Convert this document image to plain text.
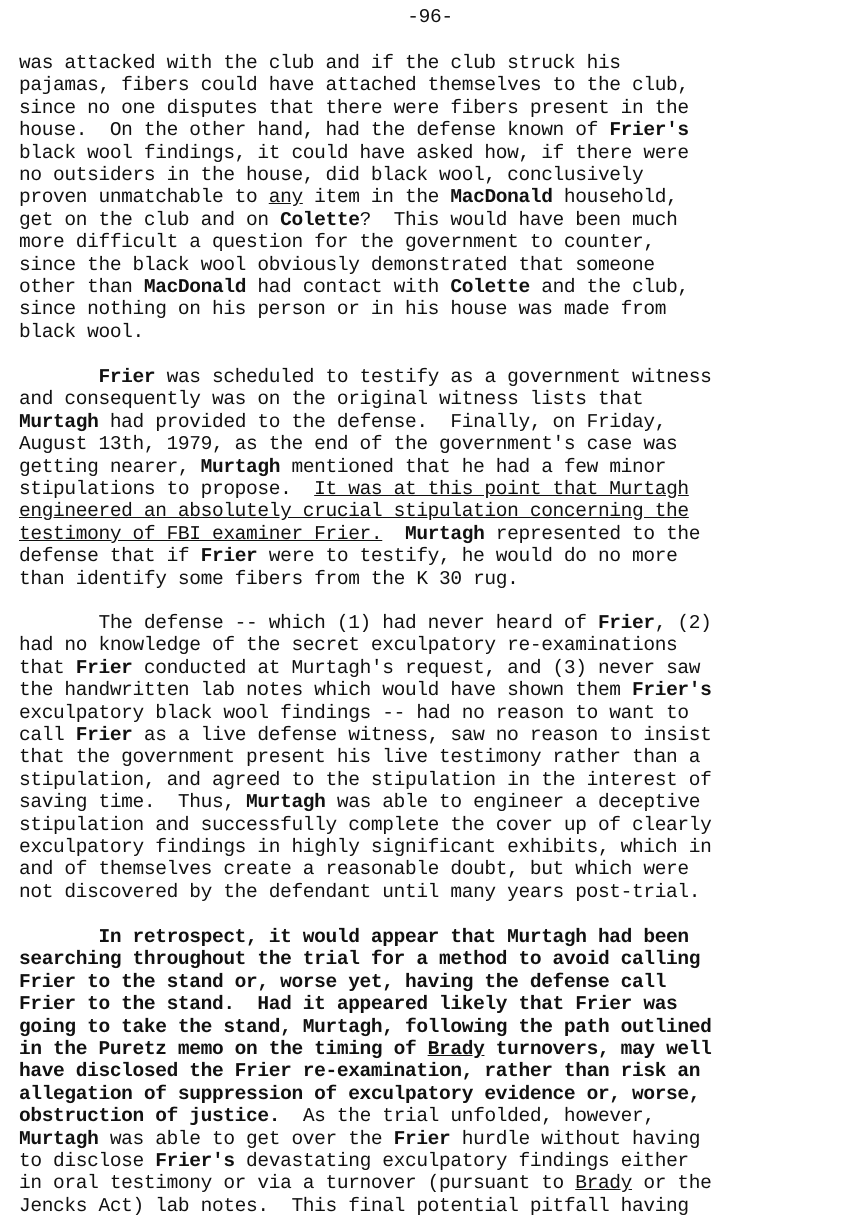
-96-
was attacked with the club and if the club struck his
pajamas, fibers could have attached themselves to the club,
since no one disputes that there were fibers present in the
house.  On the other hand, had the defense known of Frier's
black wool findings, it could have asked how, if there were
no outsiders in the house, did black wool, conclusively
proven unmatchable to any item in the MacDonald household,
get on the club and on Colette?  This would have been much
more difficult a question for the government to counter,
since the black wool obviously demonstrated that someone
other than MacDonald had contact with Colette and the club,
since nothing on his person or in his house was made from
black wool.
Frier was scheduled to testify as a government witness
and consequently was on the original witness lists that
Murtagh had provided to the defense.  Finally, on Friday,
August 13th, 1979, as the end of the government's case was
getting nearer, Murtagh mentioned that he had a few minor
stipulations to propose.  It was at this point that Murtagh
engineered an absolutely crucial stipulation concerning the
testimony of FBI examiner Frier. Murtagh represented to the
defense that if Frier were to testify, he would do no more
than identify some fibers from the K 30 rug.
The defense -- which (1) had never heard of Frier, (2)
had no knowledge of the secret exculpatory re-examinations
that Frier conducted at Murtagh's request, and (3) never saw
the handwritten lab notes which would have shown them Frier's
exculpatory black wool findings -- had no reason to want to
call Frier as a live defense witness, saw no reason to insist
that the government present his live testimony rather than a
stipulation, and agreed to the stipulation in the interest of
saving time.  Thus, Murtagh was able to engineer a deceptive
stipulation and successfully complete the cover up of clearly
exculpatory findings in highly significant exhibits, which in
and of themselves create a reasonable doubt, but which were
not discovered by the defendant until many years post-trial.
In retrospect, it would appear that Murtagh had been
searching throughout the trial for a method to avoid calling
Frier to the stand or, worse yet, having the defense call
Frier to the stand.  Had it appeared likely that Frier was
going to take the stand, Murtagh, following the path outlined
in the Puretz memo on the timing of Brady turnovers, may well
have disclosed the Frier re-examination, rather than risk an
allegation of suppression of exculpatory evidence or, worse,
obstruction of justice.  As the trial unfolded, however,
Murtagh was able to get over the Frier hurdle without having
to disclose Frier's devastating exculpatory findings either
in oral testimony or via a turnover (pursuant to Brady or the
Jencks Act) lab notes.  This final potential pitfall having
